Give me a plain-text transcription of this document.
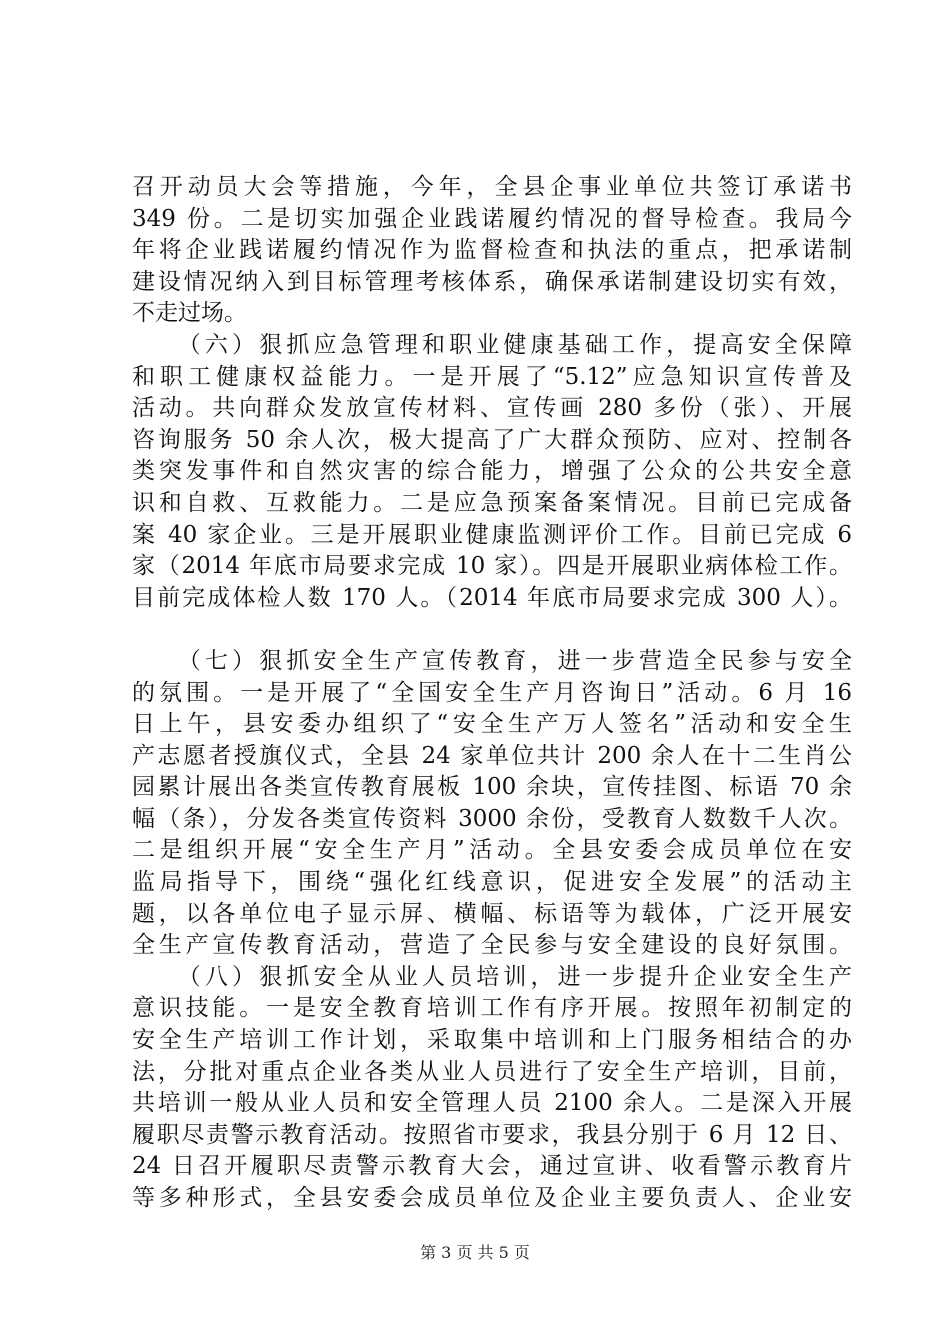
召开动员大会等措施，今年，全县企事业单位共签订承诺书
349 份。二是切实加强企业践诺履约情况的督导检查。我局今
年将企业践诺履约情况作为监督检查和执法的重点，把承诺制
建设情况纳入到目标管理考核体系，确保承诺制建设切实有效，
不走过场。
（六）狠抓应急管理和职业健康基础工作，提高安全保障
和职工健康权益能力。一是开展了“5.12”应急知识宣传普及
活动。共向群众发放宣传材料、宣传画 280 多份（张）、开展
咨询服务 50 余人次，极大提高了广大群众预防、应对、控制各
类突发事件和自然灾害的综合能力，增强了公众的公共安全意
识和自救、互救能力。二是应急预案备案情况。目前已完成备
案 40 家企业。三是开展职业健康监测评价工作。目前已完成 6
家（2014 年底市局要求完成 10 家）。四是开展职业病体检工作。
目前完成体检人数 170 人。（2014 年底市局要求完成 300 人）。
（七）狠抓安全生产宣传教育，进一步营造全民参与安全
的氛围。一是开展了“全国安全生产月咨询日”活动。6 月 16
日上午，县安委办组织了“安全生产万人签名”活动和安全生
产志愿者授旗仪式，全县 24 家单位共计 200 余人在十二生肖公
园累计展出各类宣传教育展板 100 余块，宣传挂图、标语 70 余
幅（条），分发各类宣传资料 3000 余份，受教育人数数千人次。
二是组织开展“安全生产月”活动。全县安委会成员单位在安
监局指导下，围绕“强化红线意识，促进安全发展”的活动主
题，以各单位电子显示屏、横幅、标语等为载体，广泛开展安
全生产宣传教育活动，营造了全民参与安全建设的良好氛围。
（八）狠抓安全从业人员培训，进一步提升企业安全生产
意识技能。一是安全教育培训工作有序开展。按照年初制定的
安全生产培训工作计划，采取集中培训和上门服务相结合的办
法，分批对重点企业各类从业人员进行了安全生产培训，目前，
共培训一般从业人员和安全管理人员 2100 余人。二是深入开展
履职尽责警示教育活动。按照省市要求，我县分别于 6 月 12 日、
24 日召开履职尽责警示教育大会，通过宣讲、收看警示教育片
等多种形式，全县安委会成员单位及企业主要负责人、企业安
第 3 页 共 5 页
